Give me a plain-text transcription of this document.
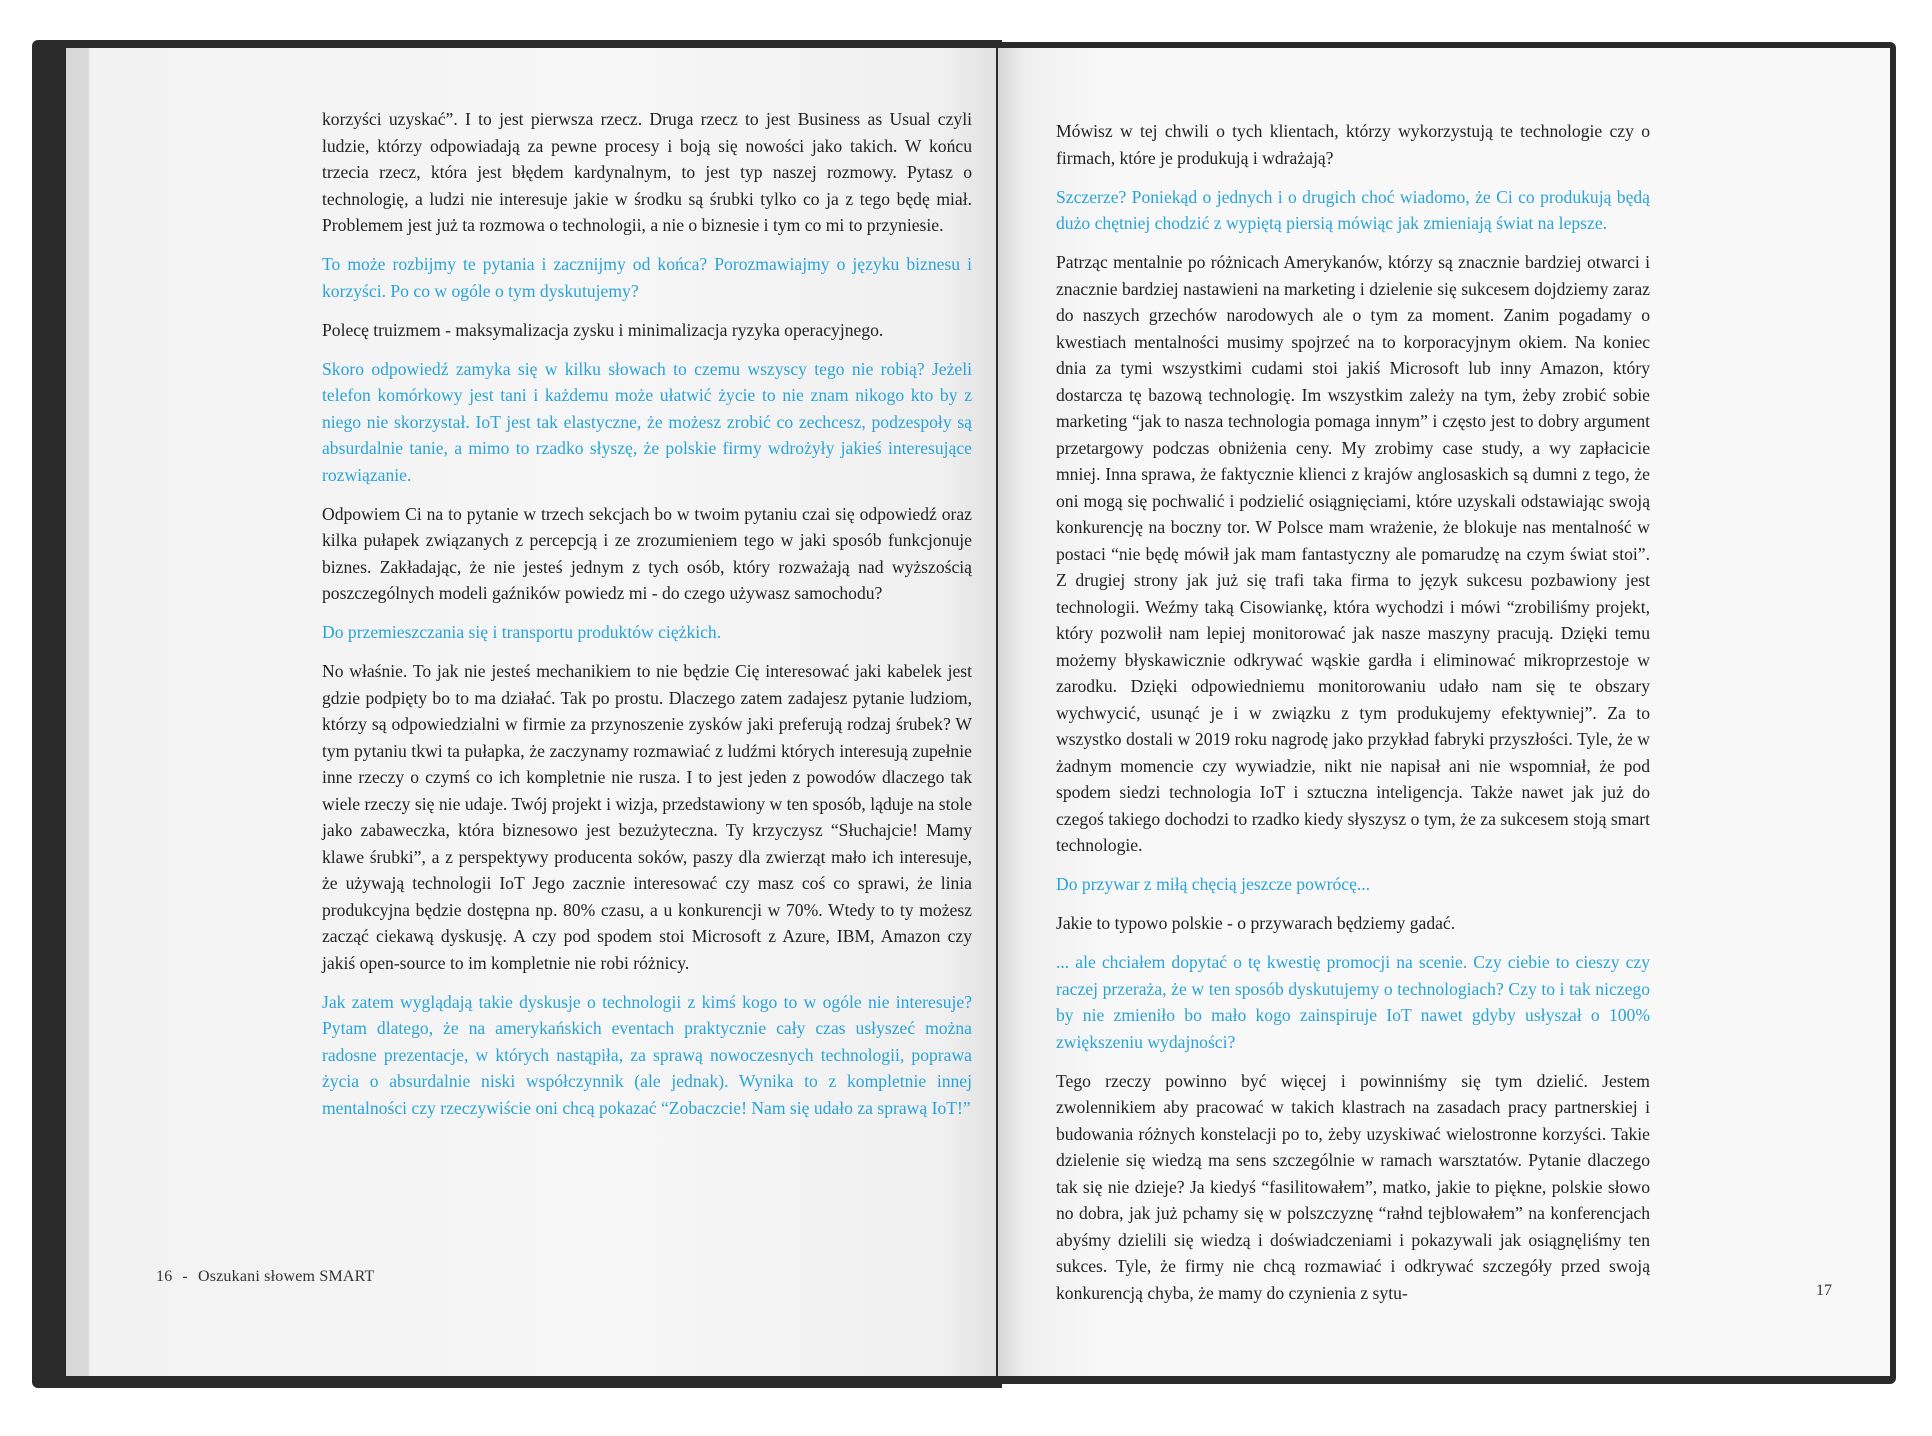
korzyści uzyskać”. I to jest pierwsza rzecz. Druga rzecz to jest Business as Usual czyli ludzie, którzy odpowiadają za pewne procesy i boją się nowości jako takich. W końcu trzecia rzecz, która jest błędem kardynalnym, to jest typ naszej rozmowy. Pytasz o technologię, a ludzi nie interesuje jakie w środku są śrubki tylko co ja z tego będę miał. Problemem jest już ta rozmowa o technologii, a nie o biznesie i tym co mi to przyniesie.

To może rozbijmy te pytania i zacznijmy od końca? Porozmawiajmy o języku biznesu i korzyści. Po co w ogóle o tym dyskutujemy?

Polecę truizmem - maksymalizacja zysku i minimalizacja ryzyka operacyjnego.

Skoro odpowiedź zamyka się w kilku słowach to czemu wszyscy tego nie robią? Jeżeli telefon komórkowy jest tani i każdemu może ułatwić życie to nie znam nikogo kto by z niego nie skorzystał. IoT jest tak elastyczne, że możesz zrobić co zechcesz, podzespoły są absurdalnie tanie, a mimo to rzadko słyszę, że polskie firmy wdrożyły jakieś interesujące rozwiązanie.

Odpowiem Ci na to pytanie w trzech sekcjach bo w twoim pytaniu czai się odpowiedź oraz kilka pułapek związanych z percepcją i ze zrozumieniem tego w jaki sposób funkcjonuje biznes. Zakładając, że nie jesteś jednym z tych osób, który rozważają nad wyższością poszczególnych modeli gaźników powiedz mi - do czego używasz samochodu?

Do przemieszczania się i transportu produktów ciężkich.

No właśnie. To jak nie jesteś mechanikiem to nie będzie Cię interesować jaki kabelek jest gdzie podpięty bo to ma działać. Tak po prostu. Dlaczego zatem zadajesz pytanie ludziom, którzy są odpowiedzialni w firmie za przynoszenie zysków jaki preferują rodzaj śrubek? W tym pytaniu tkwi ta pułapka, że zaczynamy rozmawiać z ludźmi których interesują zupełnie inne rzeczy o czymś co ich kompletnie nie rusza. I to jest jeden z powodów dlaczego tak wiele rzeczy się nie udaje. Twój projekt i wizja, przedstawiony w ten sposób, ląduje na stole jako zabaweczka, która biznesowo jest bezużyteczna. Ty krzyczysz “Słuchajcie! Mamy klawe śrubki”, a z perspektywy producenta soków, paszy dla zwierząt mało ich interesuje, że używają technologii IoT Jego zacznie interesować czy masz coś co sprawi, że linia produkcyjna będzie dostępna np. 80% czasu, a u konkurencji w 70%. Wtedy to ty możesz zacząć ciekawą dyskusję. A czy pod spodem stoi Microsoft z Azure, IBM, Amazon czy jakiś open-source to im kompletnie nie robi różnicy.

Jak zatem wyglądają takie dyskusje o technologii z kimś kogo to w ogóle nie interesuje? Pytam dlatego, że na amerykańskich eventach praktycznie cały czas usłyszeć można radosne prezentacje, w których nastąpiła, za sprawą nowoczesnych technologii, poprawa życia o absurdalnie niski współczynnik (ale jednak). Wynika to z kompletnie innej mentalności czy rzeczywiście oni chcą pokazać “Zobaczcie! Nam się udało za sprawą IoT!”

16 - Oszukani słowem SMART

Mówisz w tej chwili o tych klientach, którzy wykorzystują te technologie czy o firmach, które je produkują i wdrażają?

Szczerze? Poniekąd o jednych i o drugich choć wiadomo, że Ci co produkują będą dużo chętniej chodzić z wypiętą piersią mówiąc jak zmieniają świat na lepsze.

Patrząc mentalnie po różnicach Amerykanów, którzy są znacznie bardziej otwarci i znacznie bardziej nastawieni na marketing i dzielenie się sukcesem dojdziemy zaraz do naszych grzechów narodowych ale o tym za moment. Zanim pogadamy o kwestiach mentalności musimy spojrzeć na to korporacyjnym okiem. Na koniec dnia za tymi wszystkimi cudami stoi jakiś Microsoft lub inny Amazon, który dostarcza tę bazową technologię. Im wszystkim zależy na tym, żeby zrobić sobie marketing “jak to nasza technologia pomaga innym” i często jest to dobry argument przetargowy podczas obniżenia ceny. My zrobimy case study, a wy zapłacicie mniej. Inna sprawa, że faktycznie klienci z krajów anglosaskich są dumni z tego, że oni mogą się pochwalić i podzielić osiągnięciami, które uzyskali odstawiając swoją konkurencję na boczny tor. W Polsce mam wrażenie, że blokuje nas mentalność w postaci “nie będę mówił jak mam fantastyczny ale pomarudzę na czym świat stoi”. Z drugiej strony jak już się trafi taka firma to język sukcesu pozbawiony jest technologii. Weźmy taką Cisowiankę, która wychodzi i mówi “zrobiliśmy projekt, który pozwolił nam lepiej monitorować jak nasze maszyny pracują. Dzięki temu możemy błyskawicznie odkrywać wąskie gardła i eliminować mikroprzestoje w zarodku. Dzięki odpowiedniemu monitorowaniu udało nam się te obszary wychwycić, usunąć je i w związku z tym produkujemy efektywniej”. Za to wszystko dostali w 2019 roku nagrodę jako przykład fabryki przyszłości. Tyle, że w żadnym momencie czy wywiadzie, nikt nie napisał ani nie wspomniał, że pod spodem siedzi technologia IoT i sztuczna inteligencja. Także nawet jak już do czegoś takiego dochodzi to rzadko kiedy słyszysz o tym, że za sukcesem stoją smart technologie.

Do przywar z miłą chęcią jeszcze powrócę...

Jakie to typowo polskie - o przywarach będziemy gadać.

... ale chciałem dopytać o tę kwestię promocji na scenie. Czy ciebie to cieszy czy raczej przeraża, że w ten sposób dyskutujemy o technologiach? Czy to i tak niczego by nie zmieniło bo mało kogo zainspiruje IoT nawet gdyby usłyszał o 100% zwiększeniu wydajności?

Tego rzeczy powinno być więcej i powinniśmy się tym dzielić. Jestem zwolennikiem aby pracować w takich klastrach na zasadach pracy partnerskiej i budowania różnych konstelacji po to, żeby uzyskiwać wielostronne korzyści. Takie dzielenie się wiedzą ma sens szczególnie w ramach warsztatów. Pytanie dlaczego tak się nie dzieje? Ja kiedyś “fasilitowałem”, matko, jakie to piękne, polskie słowo no dobra, jak już pchamy się w polszczyznę “rałnd tejblowałem” na konferencjach abyśmy dzielili się wiedzą i doświadczeniami i pokazywali jak osiągnęliśmy ten sukces. Tyle, że firmy nie chcą rozmawiać i odkrywać szczegóły przed swoją konkurencją chyba, że mamy do czynienia z sytu-	17
